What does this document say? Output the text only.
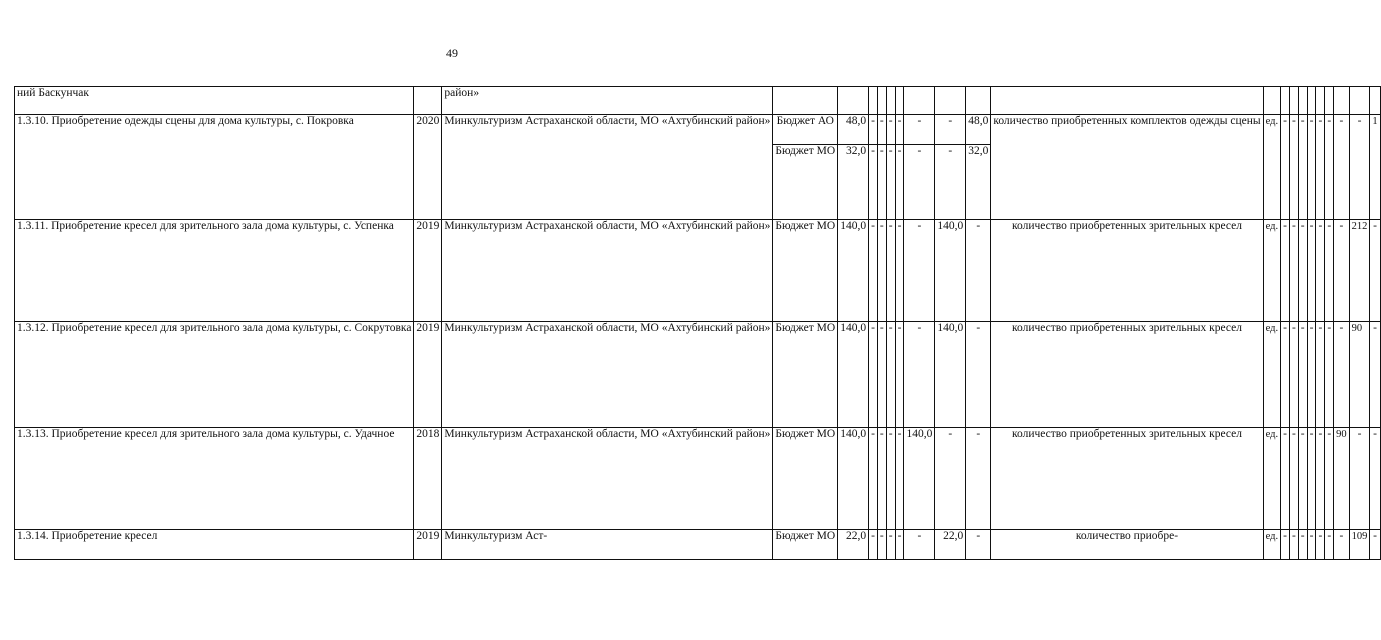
49
ний Баскунчак		район»																				
1.3.10. Приобретение одежды сцены для дома культуры, с. Покровка	2020	Минкультуризм Астраханской области, МО «Ахтубинский район»	Бюджет АО	48,0	-	-	-	-	-	-	48,0	количество приобретенных комплектов одежды сцены	ед.	-	-	-	-	-	-	-	-	1
			Бюджет МО	32,0	-	-	-	-	-	-	32,0											
1.3.11. Приобретение кресел для зрительного зала дома культуры, с. Успенка	2019	Минкультуризм Астраханской области, МО «Ахтубинский район»	Бюджет МО	140,0	-	-	-	-	-	140,0	-	количество приобретенных зрительных кресел	ед.	-	-	-	-	-	-	-	212	-
1.3.12. Приобретение кресел для зрительного зала дома культуры, с. Сокрутовка	2019	Минкультуризм Астраханской области, МО «Ахтубинский район»	Бюджет МО	140,0	-	-	-	-	-	140,0	-	количество приобретенных зрительных кресел	ед.	-	-	-	-	-	-	-	90	-
1.3.13. Приобретение кресел для зрительного зала дома культуры, с. Удачное	2018	Минкультуризм Астраханской области, МО «Ахтубинский район»	Бюджет МО	140,0	-	-	-	-	140,0	-	-	количество приобретенных зрительных кресел	ед.	-	-	-	-	-	-	90	-	-
1.3.14. Приобретение кресел	2019	Минкультуризм Аст-	Бюджет МО	22,0	-	-	-	-	-	22,0	-	количество приобре-	ед.	-	-	-	-	-	-	-	109	-
